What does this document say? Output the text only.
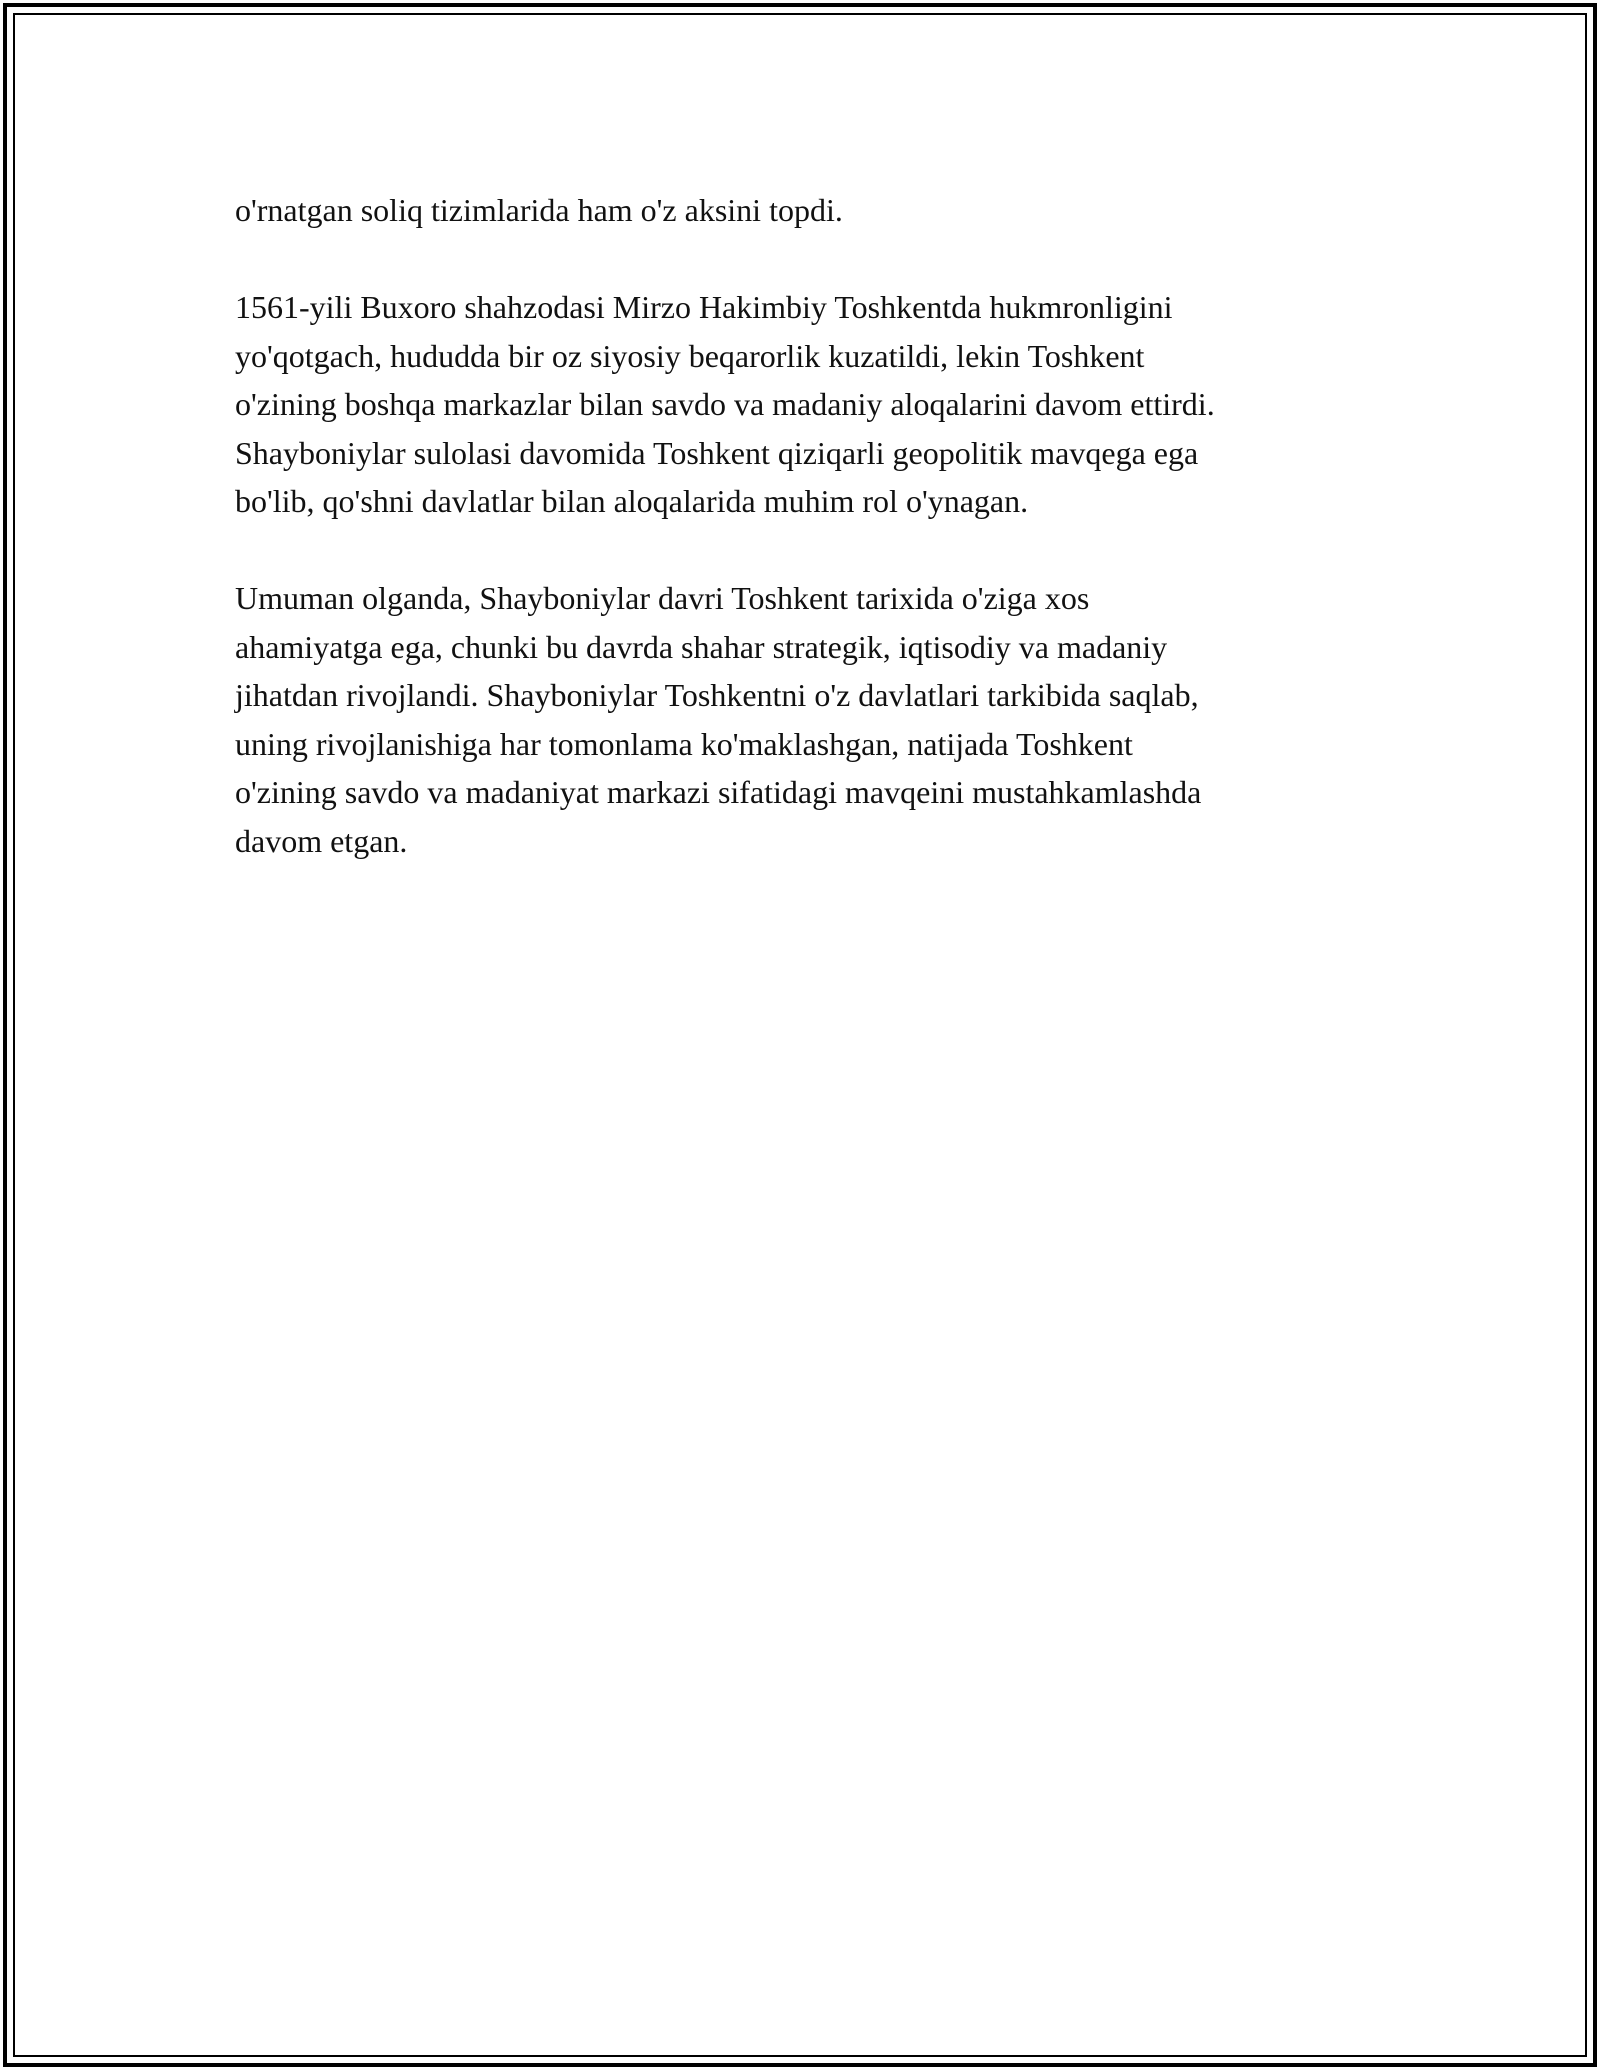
o'rnatgan soliq tizimlarida ham o'z aksini topdi.

1561-yili Buxoro shahzodasi Mirzo Hakimbiy Toshkentda hukmronligini
yo'qotgach, hududda bir oz siyosiy beqarorlik kuzatildi, lekin Toshkent
o'zining boshqa markazlar bilan savdo va madaniy aloqalarini davom ettirdi.
Shayboniylar sulolasi davomida Toshkent qiziqarli geopolitik mavqega ega
bo'lib, qo'shni davlatlar bilan aloqalarida muhim rol o'ynagan.

Umuman olganda, Shayboniylar davri Toshkent tarixida o'ziga xos
ahamiyatga ega, chunki bu davrda shahar strategik, iqtisodiy va madaniy
jihatdan rivojlandi. Shayboniylar Toshkentni o'z davlatlari tarkibida saqlab,
uning rivojlanishiga har tomonlama ko'maklashgan, natijada Toshkent
o'zining savdo va madaniyat markazi sifatidagi mavqeini mustahkamlashda
davom etgan.
